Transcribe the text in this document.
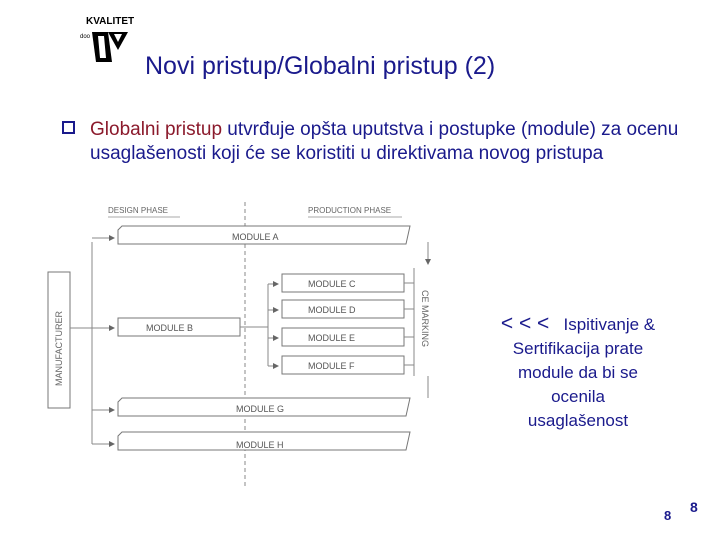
KVALITET
doo
Novi pristup/Globalni pristup (2)
Globalni pristup utvrđuje opšta uputstva i postupke (module) za ocenu usaglašenosti koji će se koristiti u direktivama novog pristupa
DESIGN PHASE	PRODUCTION PHASE
MANUFACTURER
MODULE A
MODULE B
MODULE C
MODULE D
MODULE E
MODULE F
MODULE G
MODULE H
CE MARKING	< < < Ispitivanje &
Sertifikacija prate
module da bi se
ocenila
usaglašenost
8
8
